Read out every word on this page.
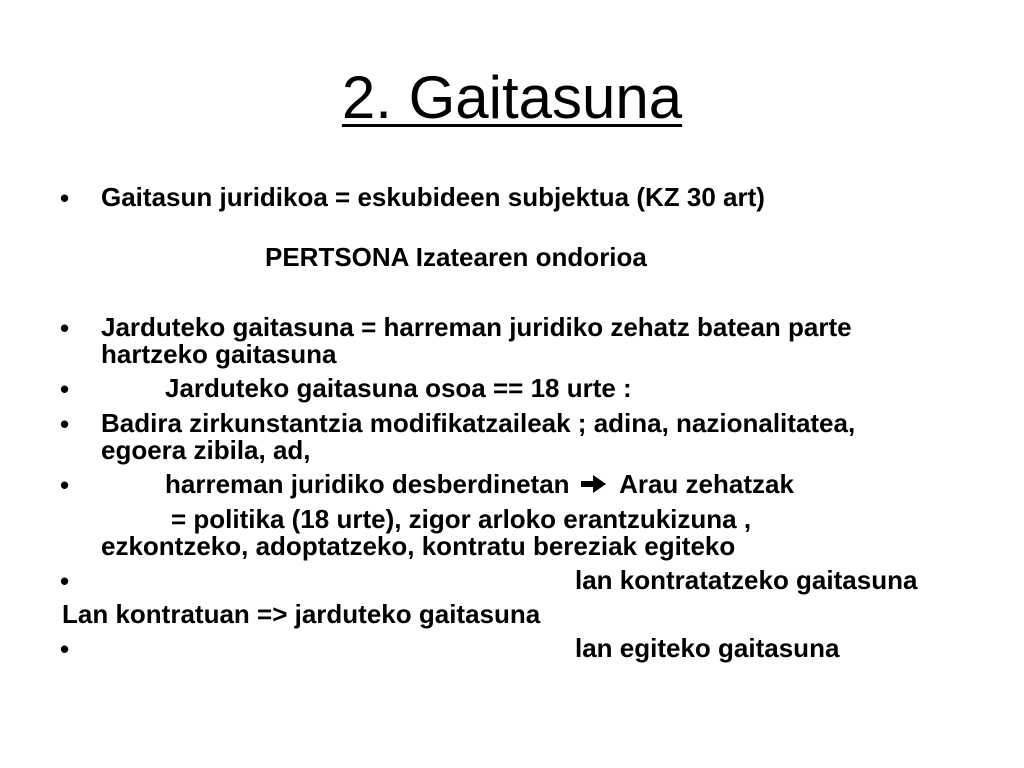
2. Gaitasuna
• Gaitasun juridikoa = eskubideen subjektua (KZ 30 art)
PERTSONA Izatearen ondorioa
• Jarduteko gaitasuna = harreman juridiko zehatz batean parte
hartzeko gaitasuna
•	Jarduteko gaitasuna osoa == 18 urte :
• Badira zirkunstantzia modifikatzaileak ; adina, nazionalitatea,
egoera zibila, ad,
•	harreman juridiko desberdinetan Arau zehatzak
= politika (18 urte), zigor arloko erantzukizuna ,
ezkontzeko, adoptatzeko, kontratu bereziak egiteko
•	lan kontratatzeko gaitasuna
Lan kontratuan => jarduteko gaitasuna
•	lan egiteko gaitasuna
